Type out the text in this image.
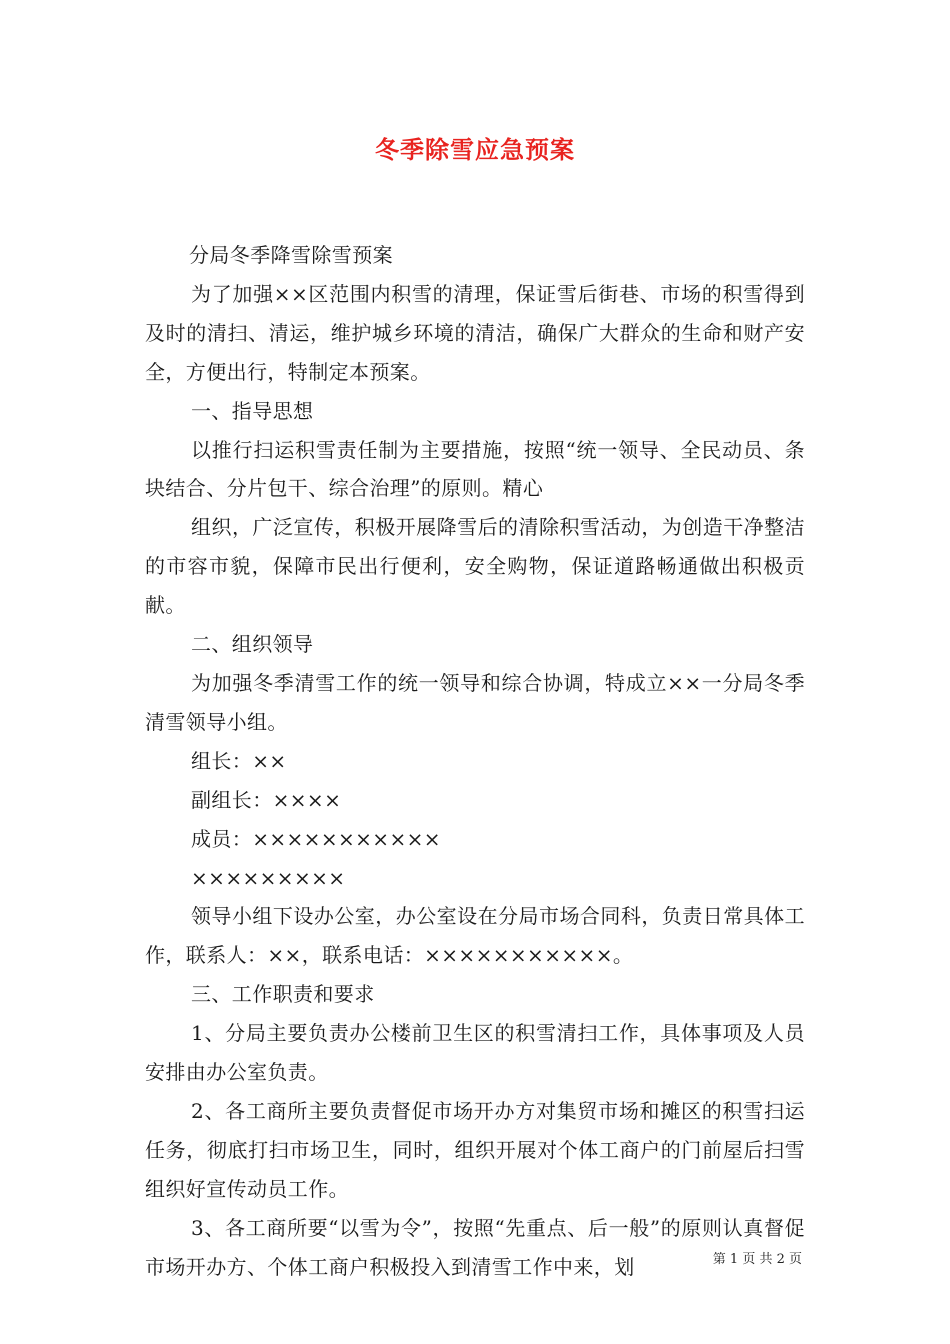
冬季除雪应急预案

分局冬季降雪除雪预案

为了加强××区范围内积雪的清理，保证雪后街巷、市场的积雪得到及时的清扫、清运，维护城乡环境的清洁，确保广大群众的生命和财产安全，方便出行，特制定本预案。

一、指导思想

以推行扫运积雪责任制为主要措施，按照“统一领导、全民动员、条块结合、分片包干、综合治理”的原则。精心

组织，广泛宣传，积极开展降雪后的清除积雪活动，为创造干净整洁的市容市貌，保障市民出行便利，安全购物，保证道路畅通做出积极贡献。

二、组织领导

为加强冬季清雪工作的统一领导和综合协调，特成立××一分局冬季清雪领导小组。

组长：××

副组长：××××

成员：×××××××××××

×××××××××

领导小组下设办公室，办公室设在分局市场合同科，负责日常具体工作，联系人：××，联系电话：×××××××××××。

三、工作职责和要求

1、分局主要负责办公楼前卫生区的积雪清扫工作，具体事项及人员安排由办公室负责。

2、各工商所主要负责督促市场开办方对集贸市场和摊区的积雪扫运任务，彻底打扫市场卫生，同时，组织开展对个体工商户的门前屋后扫雪组织好宣传动员工作。

3、各工商所要“以雪为令”，按照“先重点、后一般”的原则认真督促市场开办方、个体工商户积极投入到清雪工作中来，划	第 1 页 共 2 页
